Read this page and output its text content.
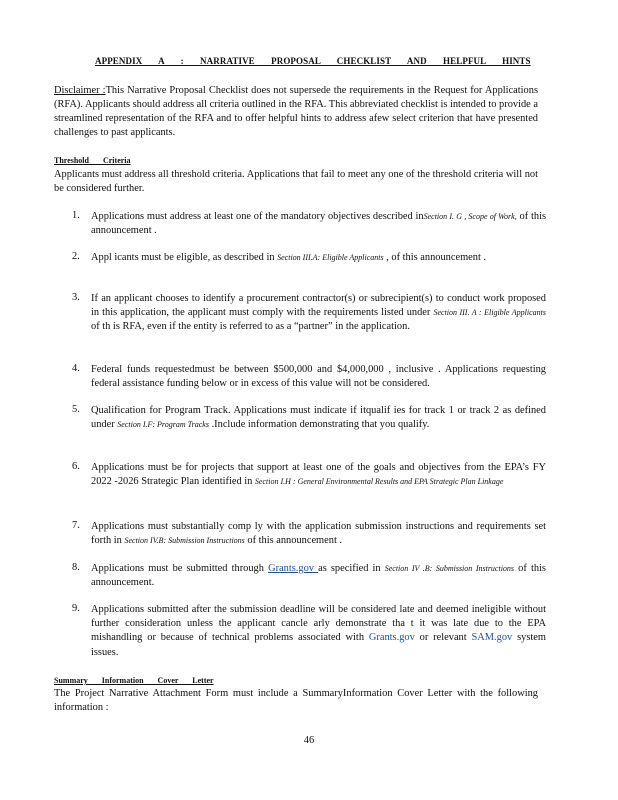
APPENDIX A : NARRATIVE PROPOSAL CHECKLIST AND HELPFUL HINTS
Disclaimer :This Narrative Proposal Checklist does not supersede the requirements in the Request for Applications (RFA). Applicants should address all criteria outlined in the RFA. This abbreviated checklist is intended to provide a streamlined representation of the RFA and to offer helpful hints to address afew select criterion that have presented challenges to past applicants.
Threshold Criteria
Applicants must address all threshold criteria. Applications that fail to meet any one of the threshold criteria will not be considered further.
1. Applications must address at least one of the mandatory objectives described inSection I. G , Scope of Work, of this announcement .
2. Appl icants must be eligible, as described in Section III.A: Eligible Applicants , of this announcement .
3. If an applicant chooses to identify a procurement contractor(s) or subrecipient(s) to conduct work proposed in this application, the applicant must comply with the requirements listed under Section III. A : Eligible Applicants of th is RFA, even if the entity is referred to as a “partner” in the application.
4. Federal funds requestedmust be between $500,000 and $4,000,000 , inclusive . Applications requesting federal assistance funding below or in excess of this value will not be considered.
5. Qualification for Program Track. Applications must indicate if itqualif ies for track 1 or track 2 as defined under Section I.F: Program Tracks .Include information demonstrating that you qualify.
6. Applications must be for projects that support at least one of the goals and objectives from the EPA’s FY 2022 -2026 Strategic Plan identified in Section I.H : General Environmental Results and EPA Strategic Plan Linkage
7. Applications must substantially comp ly with the application submission instructions and requirements set forth in Section IV.B: Submission Instructions of this announcement .
8. Applications must be submitted through Grants.gov as specified in Section IV .B: Submission Instructions of this announcement.
9. Applications submitted after the submission deadline will be considered late and deemed ineligible without further consideration unless the applicant cancle arly demonstrate tha t it was late due to the EPA mishandling or because of technical problems associated with Grants.gov or relevant SAM.gov system issues.
Summary Information Cover Letter
The Project Narrative Attachment Form must include a SummaryInformation Cover Letter with the following information :
46
